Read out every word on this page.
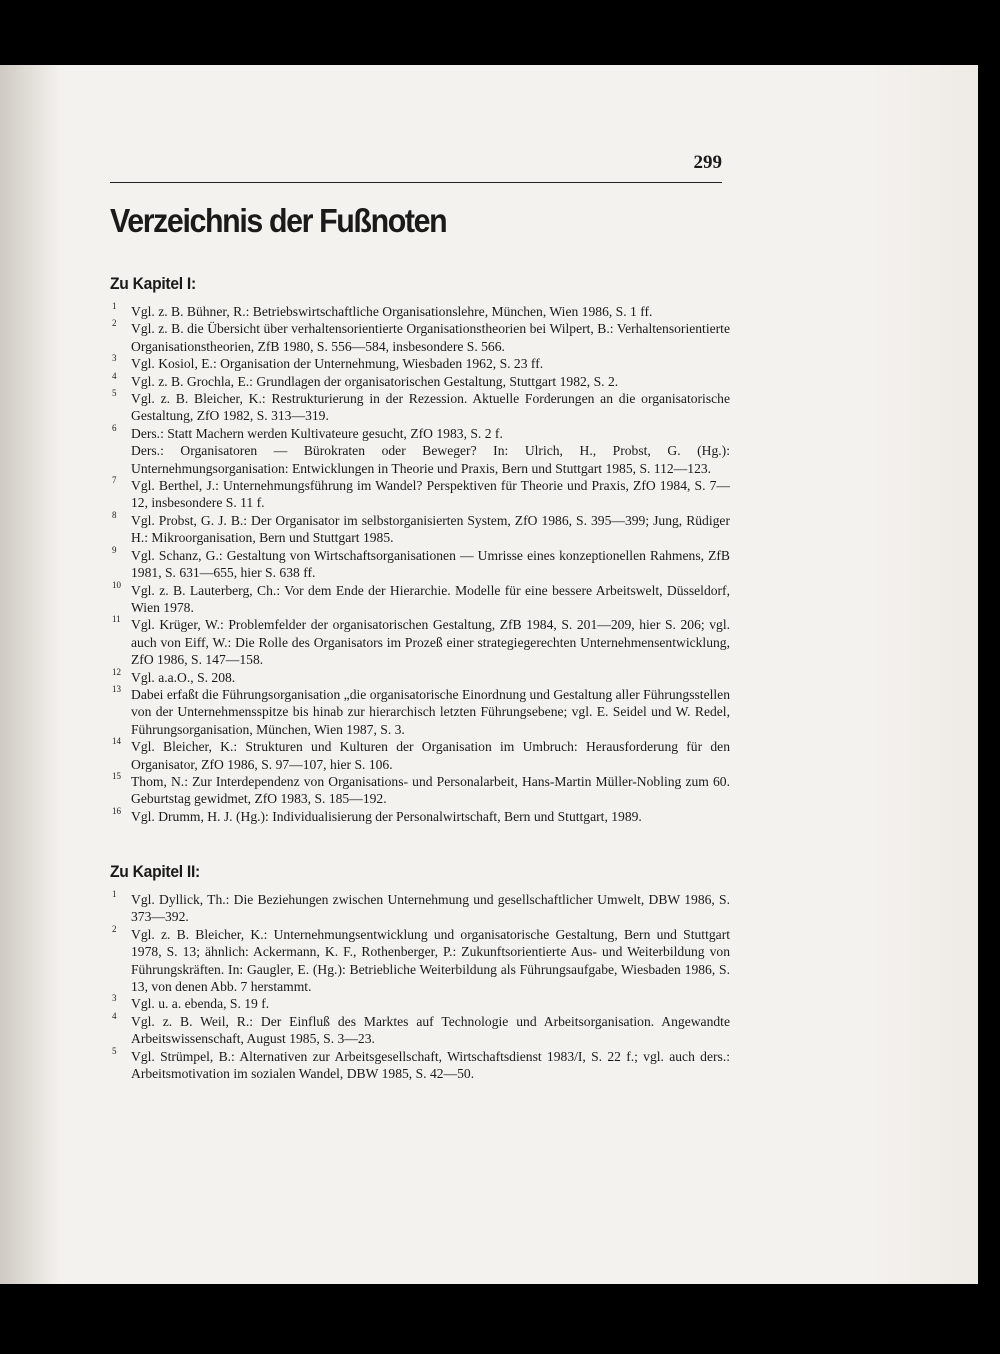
299
Verzeichnis der Fußnoten
Zu Kapitel I:
1 Vgl. z. B. Bühner, R.: Betriebswirtschaftliche Organisationslehre, München, Wien 1986, S. 1 ff.
2 Vgl. z. B. die Übersicht über verhaltensorientierte Organisationstheorien bei Wilpert, B.: Verhaltensorientierte Organisationstheorien, ZfB 1980, S. 556—584, insbesondere S. 566.
3 Vgl. Kosiol, E.: Organisation der Unternehmung, Wiesbaden 1962, S. 23 ff.
4 Vgl. z. B. Grochla, E.: Grundlagen der organisatorischen Gestaltung, Stuttgart 1982, S. 2.
5 Vgl. z. B. Bleicher, K.: Restrukturierung in der Rezession. Aktuelle Forderungen an die organisatorische Gestaltung, ZfO 1982, S. 313—319.
6 Ders.: Statt Machern werden Kultivateure gesucht, ZfO 1983, S. 2 f.
Ders.: Organisatoren — Bürokraten oder Beweger? In: Ulrich, H., Probst, G. (Hg.): Unternehmungsorganisation: Entwicklungen in Theorie und Praxis, Bern und Stuttgart 1985, S. 112—123.
7 Vgl. Berthel, J.: Unternehmungsführung im Wandel? Perspektiven für Theorie und Praxis, ZfO 1984, S. 7—12, insbesondere S. 11 f.
8 Vgl. Probst, G. J. B.: Der Organisator im selbstorganisierten System, ZfO 1986, S. 395—399; Jung, Rüdiger H.: Mikroorganisation, Bern und Stuttgart 1985.
9 Vgl. Schanz, G.: Gestaltung von Wirtschaftsorganisationen — Umrisse eines konzeptionellen Rahmens, ZfB 1981, S. 631—655, hier S. 638 ff.
10 Vgl. z. B. Lauterberg, Ch.: Vor dem Ende der Hierarchie. Modelle für eine bessere Arbeitswelt, Düsseldorf, Wien 1978.
11 Vgl. Krüger, W.: Problemfelder der organisatorischen Gestaltung, ZfB 1984, S. 201—209, hier S. 206; vgl. auch von Eiff, W.: Die Rolle des Organisators im Prozeß einer strategiegerechten Unternehmensentwicklung, ZfO 1986, S. 147—158.
12 Vgl. a.a.O., S. 208.
13 Dabei erfaßt die Führungsorganisation „die organisatorische Einordnung und Gestaltung aller Führungsstellen von der Unternehmensspitze bis hinab zur hierarchisch letzten Führungsebene; vgl. E. Seidel und W. Redel, Führungsorganisation, München, Wien 1987, S. 3.
14 Vgl. Bleicher, K.: Strukturen und Kulturen der Organisation im Umbruch: Herausforderung für den Organisator, ZfO 1986, S. 97—107, hier S. 106.
15 Thom, N.: Zur Interdependenz von Organisations- und Personalarbeit, Hans-Martin Müller-Nobling zum 60. Geburtstag gewidmet, ZfO 1983, S. 185—192.
16 Vgl. Drumm, H. J. (Hg.): Individualisierung der Personalwirtschaft, Bern und Stuttgart, 1989.
Zu Kapitel II:
1 Vgl. Dyllick, Th.: Die Beziehungen zwischen Unternehmung und gesellschaftlicher Umwelt, DBW 1986, S. 373—392.
2 Vgl. z. B. Bleicher, K.: Unternehmungsentwicklung und organisatorische Gestaltung, Bern und Stuttgart 1978, S. 13; ähnlich: Ackermann, K. F., Rothenberger, P.: Zukunftsorientierte Aus- und Weiterbildung von Führungskräften. In: Gaugler, E. (Hg.): Betriebliche Weiterbildung als Führungsaufgabe, Wiesbaden 1986, S. 13, von denen Abb. 7 herstammt.
3 Vgl. u. a. ebenda, S. 19 f.
4 Vgl. z. B. Weil, R.: Der Einfluß des Marktes auf Technologie und Arbeitsorganisation. Angewandte Arbeitswissenschaft, August 1985, S. 3—23.
5 Vgl. Strümpel, B.: Alternativen zur Arbeitsgesellschaft, Wirtschaftsdienst 1983/I, S. 22 f.; vgl. auch ders.: Arbeitsmotivation im sozialen Wandel, DBW 1985, S. 42—50.
